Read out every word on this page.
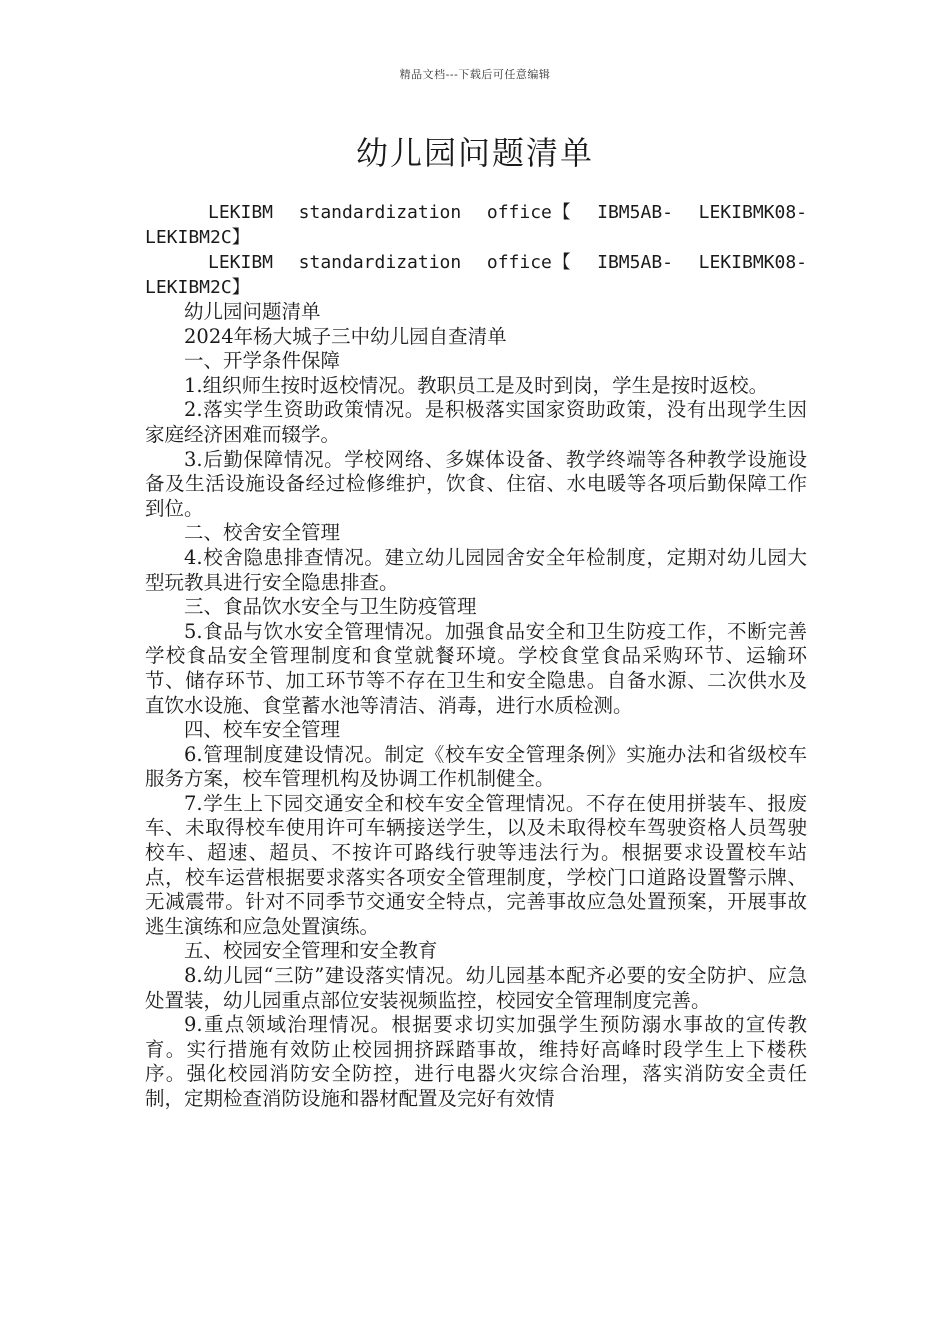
精品文档---下载后可任意编辑
幼儿园问题清单

LEKIBM standardization office【 IBM5AB- LEKIBMK08- LEKIBM2C】

LEKIBM standardization office【 IBM5AB- LEKIBMK08- LEKIBM2C】

幼儿园问题清单

2024年杨大城子三中幼儿园自查清单

一、开学条件保障

1.组织师生按时返校情况。教职员工是及时到岗，学生是按时返校。

2.落实学生资助政策情况。是积极落实国家资助政策，没有出现学生因家庭经济困难而辍学。

3.后勤保障情况。学校网络、多媒体设备、教学终端等各种教学设施设备及生活设施设备经过检修维护，饮食、住宿、水电暖等各项后勤保障工作到位。

二、校舍安全管理

4.校舍隐患排查情况。建立幼儿园园舍安全年检制度，定期对幼儿园大型玩教具进行安全隐患排查。

三、食品饮水安全与卫生防疫管理

5.食品与饮水安全管理情况。加强食品安全和卫生防疫工作，不断完善学校食品安全管理制度和食堂就餐环境。学校食堂食品采购环节、运输环节、储存环节、加工环节等不存在卫生和安全隐患。自备水源、二次供水及直饮水设施、食堂蓄水池等清洁、消毒，进行水质检测。

四、校车安全管理

6.管理制度建设情况。制定《校车安全管理条例》实施办法和省级校车服务方案，校车管理机构及协调工作机制健全。

7.学生上下园交通安全和校车安全管理情况。不存在使用拼装车、报废车、未取得校车使用许可车辆接送学生，以及未取得校车驾驶资格人员驾驶校车、超速、超员、不按许可路线行驶等违法行为。根据要求设置校车站点，校车运营根据要求落实各项安全管理制度，学校门口道路设置警示牌、无减震带。针对不同季节交通安全特点，完善事故应急处置预案，开展事故逃生演练和应急处置演练。

五、校园安全管理和安全教育

8.幼儿园“三防”建设落实情况。幼儿园基本配齐必要的安全防护、应急处置装，幼儿园重点部位安装视频监控，校园安全管理制度完善。

9.重点领域治理情况。根据要求切实加强学生预防溺水事故的宣传教育。实行措施有效防止校园拥挤踩踏事故，维持好高峰时段学生上下楼秩序。强化校园消防安全防控，进行电器火灾综合治理，落实消防安全责任制，定期检查消防设施和器材配置及完好有效情
